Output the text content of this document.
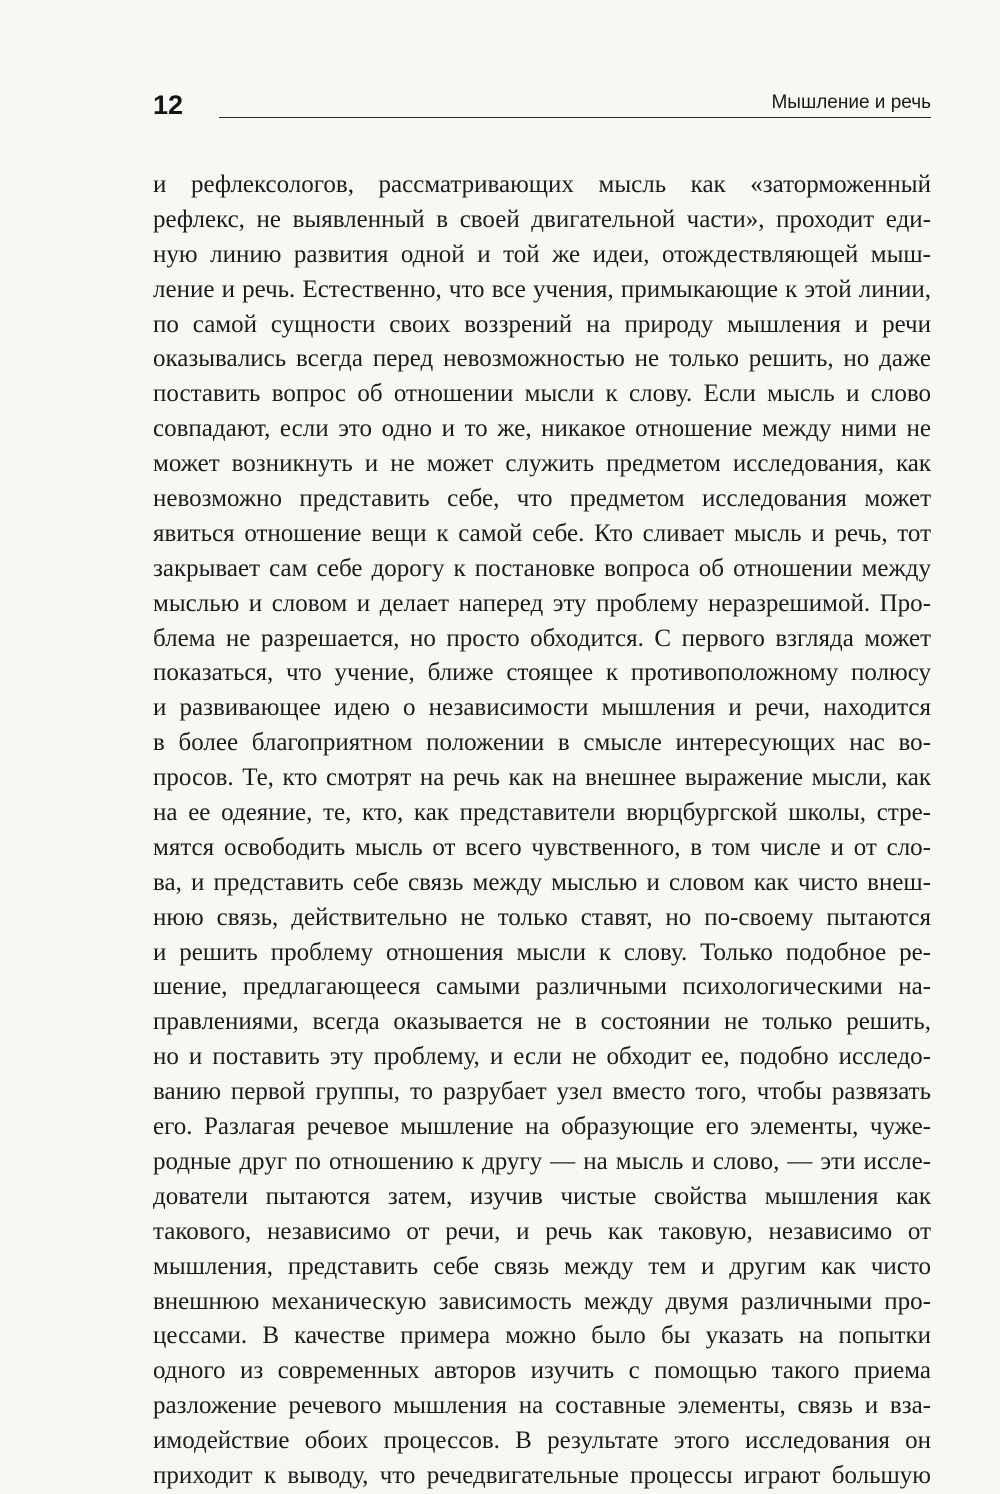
12	Мышление и речь
и рефлексологов, рассматривающих мысль как «заторможенный
рефлекс, не выявленный в своей двигательной части», проходит еди-
ную линию развития одной и той же идеи, отождествляющей мыш-
ление и речь. Естественно, что все учения, примыкающие к этой линии,
по самой сущности своих воззрений на природу мышления и речи
оказывались всегда перед невозможностью не только решить, но даже
поставить вопрос об отношении мысли к слову. Если мысль и слово
совпадают, если это одно и то же, никакое отношение между ними не
может возникнуть и не может служить предметом исследования, как
невозможно представить себе, что предметом исследования может
явиться отношение вещи к самой себе. Кто сливает мысль и речь, тот
закрывает сам себе дорогу к постановке вопроса об отношении между
мыслью и словом и делает наперед эту проблему неразрешимой. Про-
блема не разрешается, но просто обходится. С первого взгляда может
показаться, что учение, ближе стоящее к противоположному полюсу
и развивающее идею о независимости мышления и речи, находится
в более благоприятном положении в смысле интересующих нас во-
просов. Те, кто смотрят на речь как на внешнее выражение мысли, как
на ее одеяние, те, кто, как представители вюрцбургской школы, стре-
мятся освободить мысль от всего чувственного, в том числе и от сло-
ва, и представить себе связь между мыслью и словом как чисто внеш-
нюю связь, действительно не только ставят, но по-своему пытаются
и решить проблему отношения мысли к слову. Только подобное ре-
шение, предлагающееся самыми различными психологическими на-
правлениями, всегда оказывается не в состоянии не только решить,
но и поставить эту проблему, и если не обходит ее, подобно исследо-
ванию первой группы, то разрубает узел вместо того, чтобы развязать
его. Разлагая речевое мышление на образующие его элементы, чуже-
родные друг по отношению к другу — на мысль и слово, — эти иссле-
дователи пытаются затем, изучив чистые свойства мышления как
такового, независимо от речи, и речь как таковую, независимо от
мышления, представить себе связь между тем и другим как чисто
внешнюю механическую зависимость между двумя различными про-
цессами. В качестве примера можно было бы указать на попытки
одного из современных авторов изучить с помощью такого приема
разложение речевого мышления на составные элементы, связь и вза-
имодействие обоих процессов. В результате этого исследования он
приходит к выводу, что речедвигательные процессы играют большую
